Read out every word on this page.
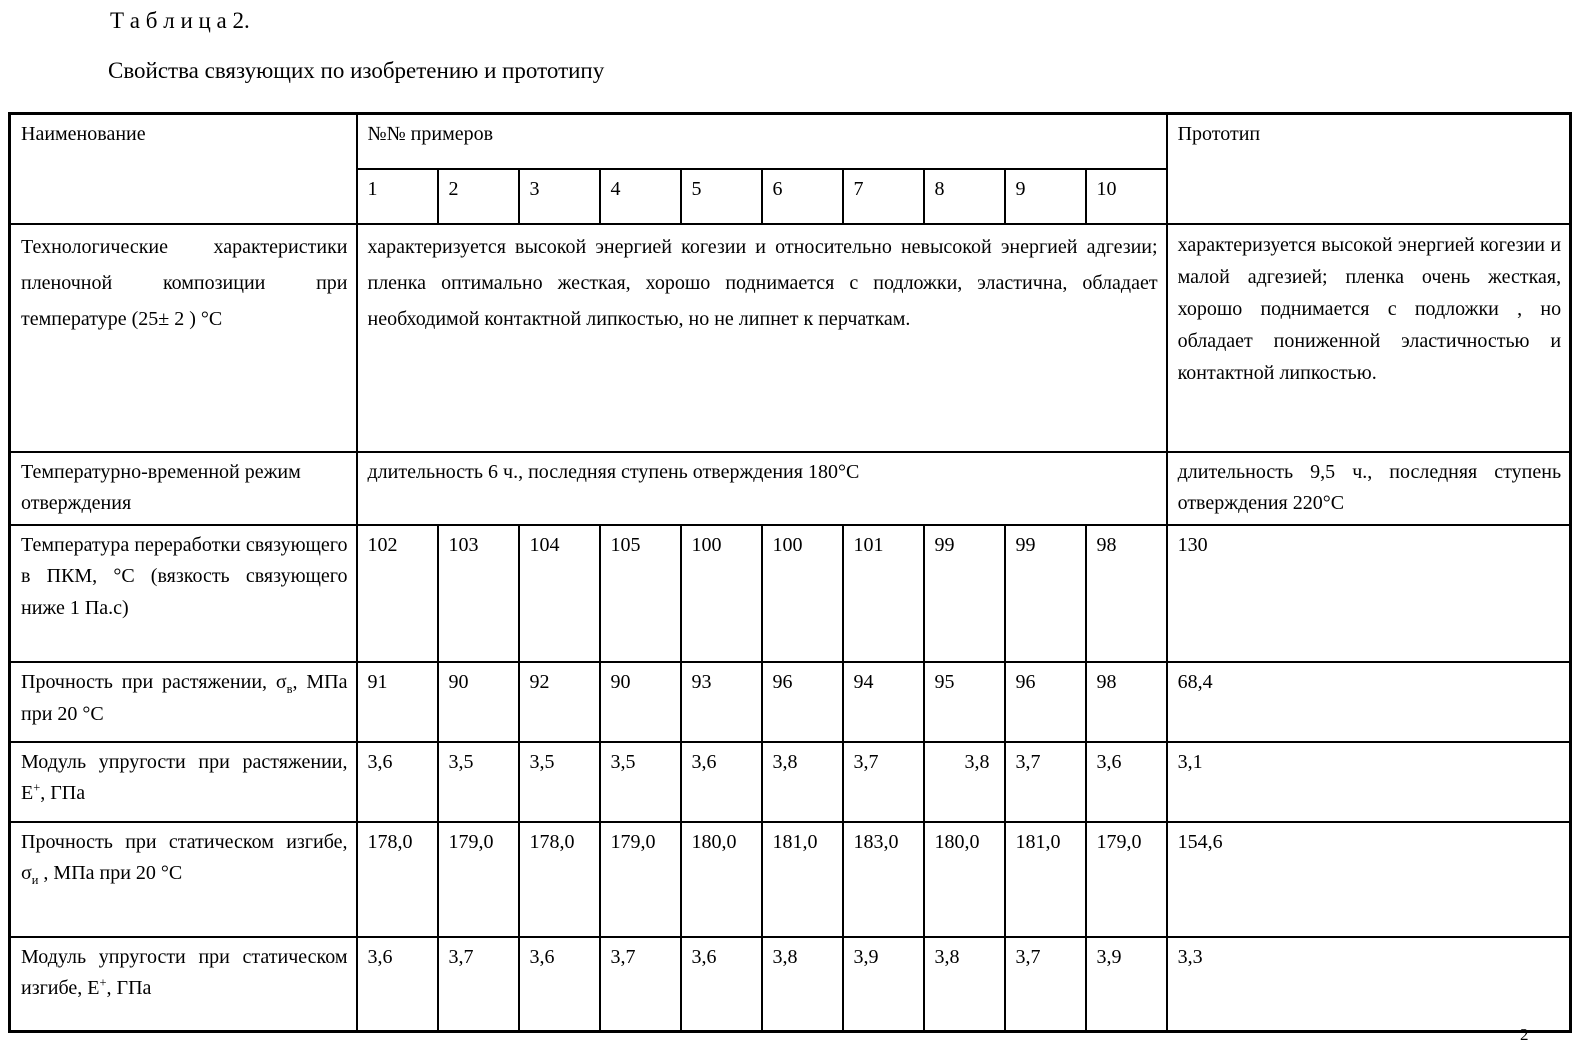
Т а б л и ц а 2.
Свойства связующих по изобретению и прототипу
Наименование	№№ примеров										Прототип
	1	2	3	4	5	6	7	8	9	10	
Технологические характеристики пленочной композиции при температуре (25± 2 ) °С	характеризуется высокой энергией когезии и относительно невысокой энергией адгезии; пленка оптимально жесткая, хорошо поднимается с подложки, эластична, обладает необходимой контактной липкостью, но не липнет к перчаткам.										характеризуется высокой энергией когезии и малой адгезией; пленка очень жесткая, хорошо поднимается с подложки , но обладает пониженной эластичностью и контактной липкостью.
Температурно-временной режим отверждения	длительность 6 ч., последняя ступень отверждения 180°С										длительность 9,5 ч., последняя ступень отверждения 220°С
Температура переработки связующего в ПКМ, °С (вязкость связующего ниже 1 Па.с)	102	103	104	105	100	100	101	99	99	98	130
Прочность при растяжении, $\sigma_в$, МПа при 20 °С	91	90	92	90	93	96	94	95	96	98	68,4
Модуль упругости при растяжении, Е+, ГПа	3,6	3,5	3,5	3,5	3,6	3,8	3,7	3,8	3,7	3,6	3,1
Прочность при статическом изгибе, $\sigma_и$ , МПа при 20 °С	178,0	179,0	178,0	179,0	180,0	181,0	183,0	180,0	181,0	179,0	154,6
Модуль упругости при статическом изгибе, Е+, ГПа	3,6	3,7	3,6	3,7	3,6	3,8	3,9	3,8	3,7	3,9	3,3
2
